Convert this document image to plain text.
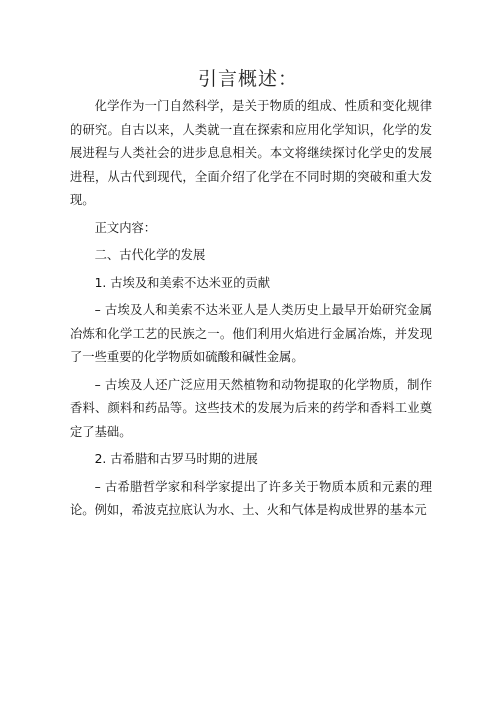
引言概述：

化学作为一门自然科学，是关于物质的组成、性质和变化规律的研究。自古以来，人类就一直在探索和应用化学知识，化学的发展进程与人类社会的进步息息相关。本文将继续探讨化学史的发展进程，从古代到现代，全面介绍了化学在不同时期的突破和重大发现。

正文内容：

二、古代化学的发展

1. 古埃及和美索不达米亚的贡献

– 古埃及人和美索不达米亚人是人类历史上最早开始研究金属冶炼和化学工艺的民族之一。他们利用火焰进行金属冶炼，并发现了一些重要的化学物质如硫酸和碱性金属。

– 古埃及人还广泛应用天然植物和动物提取的化学物质，制作香料、颜料和药品等。这些技术的发展为后来的药学和香料工业奠定了基础。

2. 古希腊和古罗马时期的进展

– 古希腊哲学家和科学家提出了许多关于物质本质和元素的理论。例如，希波克拉底认为水、土、火和气体是构成世界的基本元
